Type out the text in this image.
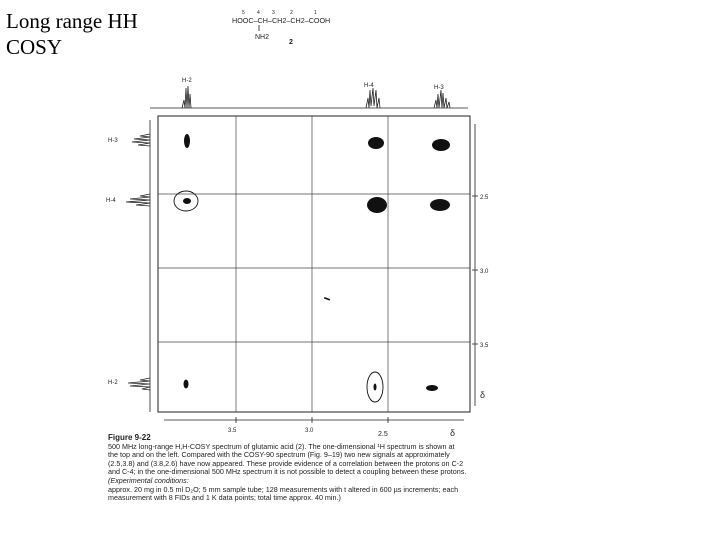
Long range HH
COSY
5 4 3	2	1
HOOC–CH–CH2–CH2–COOH
NH2
2
H-2
H-4	H-3
H-3
H-4
H-2
2.5
3.0
3.5
δ
3.5	3.0	2.5	δ

Figure 9-22

500 MHz long-range H,H-COSY spectrum of glutamic acid (2). The one-dimensional ¹H spectrum is shown at

the top and on the left. Compared with the COSY-90 spectrum (Fig. 9–19) two new signals at approximately

(2.5,3.8) and (3.8,2.6) have now appeared. These provide evidence of a correlation between the protons on C-2

and C-4; in the one-dimensional 500 MHz spectrum it is not possible to detect a coupling between these protons.

(Experimental conditions:

approx. 20 mg in 0.5 ml D₂O; 5 mm sample tube; 128 measurements with t altered in 600 µs increments; each

measurement with 8 FIDs and 1 K data points; total time approx. 40 min.)
